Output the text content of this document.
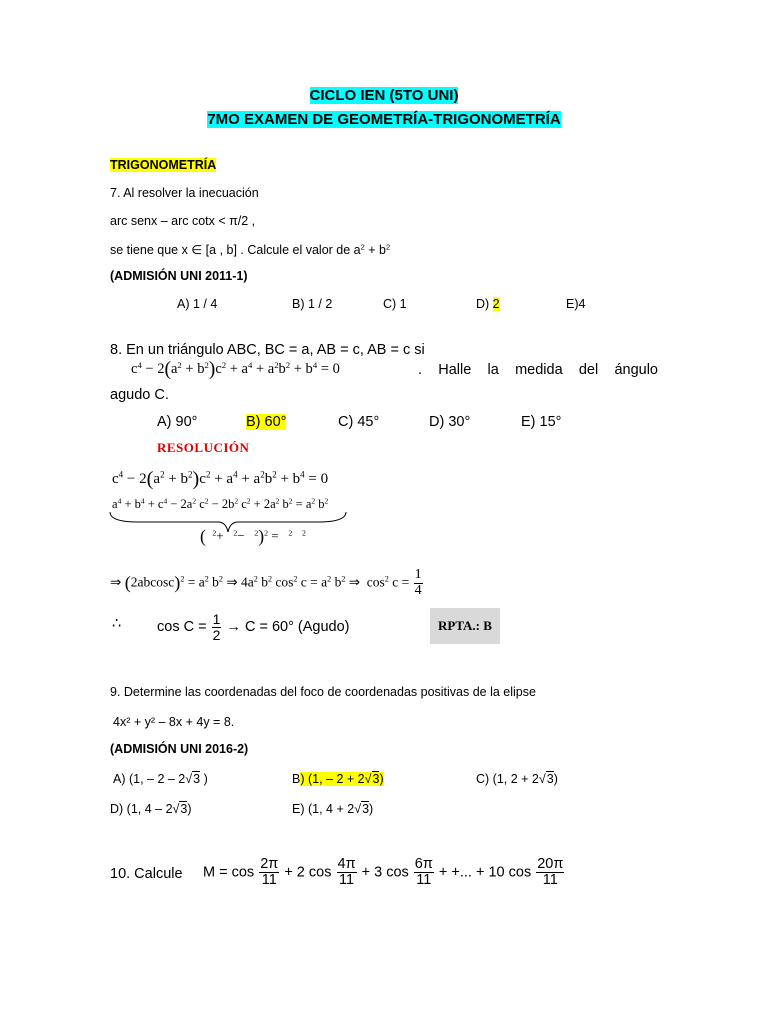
CICLO IEN (5TO UNI)
7MO EXAMEN DE GEOMETRÍA-TRIGONOMETRÍA
TRIGONOMETRÍA
7. Al resolver la inecuación
arc senx – arc cotx < π/2 ,
se tiene que x ∈ [a , b] . Calcule el valor de $a^2 + b^2$
(ADMISIÓN UNI 2011-1)
A) 1 / 4	B) 1 / 2	C) 1	D) 2	E)4
8. En un triángulo ABC, BC = a, AB = c, AB = c si
$c^4 - 2(a^2 + b^2)c^2 + a^4 + a^2b^2 + b^4 = 0$	. Halle la medida del ángulo
agudo C.
A) 90°	B) 60°	C) 45°	D) 30°	E) 15°
RESOLUCIÓN
$c^4 - 2(a^2 + b^2)c^2 + a^4 + a^2b^2 + b^4 = 0$
$a^4 + b^4 + c^4 - 2a^2$ $c^2 - 2b^2$ $c^2 + 2a^2$ $b^2 = a^2$ $b^2$
( $^2$+   $^2$−   $^2$)$^2$ =   $^2$ $^2$
⇒ $(2abcosc)^2 = a^2$ $b^2$ ⇒ $4a^2$ $b^2$ $\cos^2 c = a^2$ $b^2$ ⇒  $\cos^2 c = \frac{1}{4}$
∴ $\cos C = \frac{1}{2} \to C = 60^\circ$ (Agudo)	RPTA.: B
9. Determine las coordenadas del foco de coordenadas positivas de la elipse
4x² + y² – 8x + 4y = 8.
(ADMISIÓN UNI 2016-2)
A) (1, – 2 – 2√3 )	B) (1, – 2 + 2√3)	C) (1, 2 + 2√3)
D) (1, 4 – 2√3)	E) (1, 4 + 2√3)
10. Calcule $M = \cos \frac{2\pi}{11} + 2$ $\cos \frac{4\pi}{11} + 3$ $\cos \frac{6\pi}{11}$ + +... + 10 $\cos \frac{20\pi}{11}$
